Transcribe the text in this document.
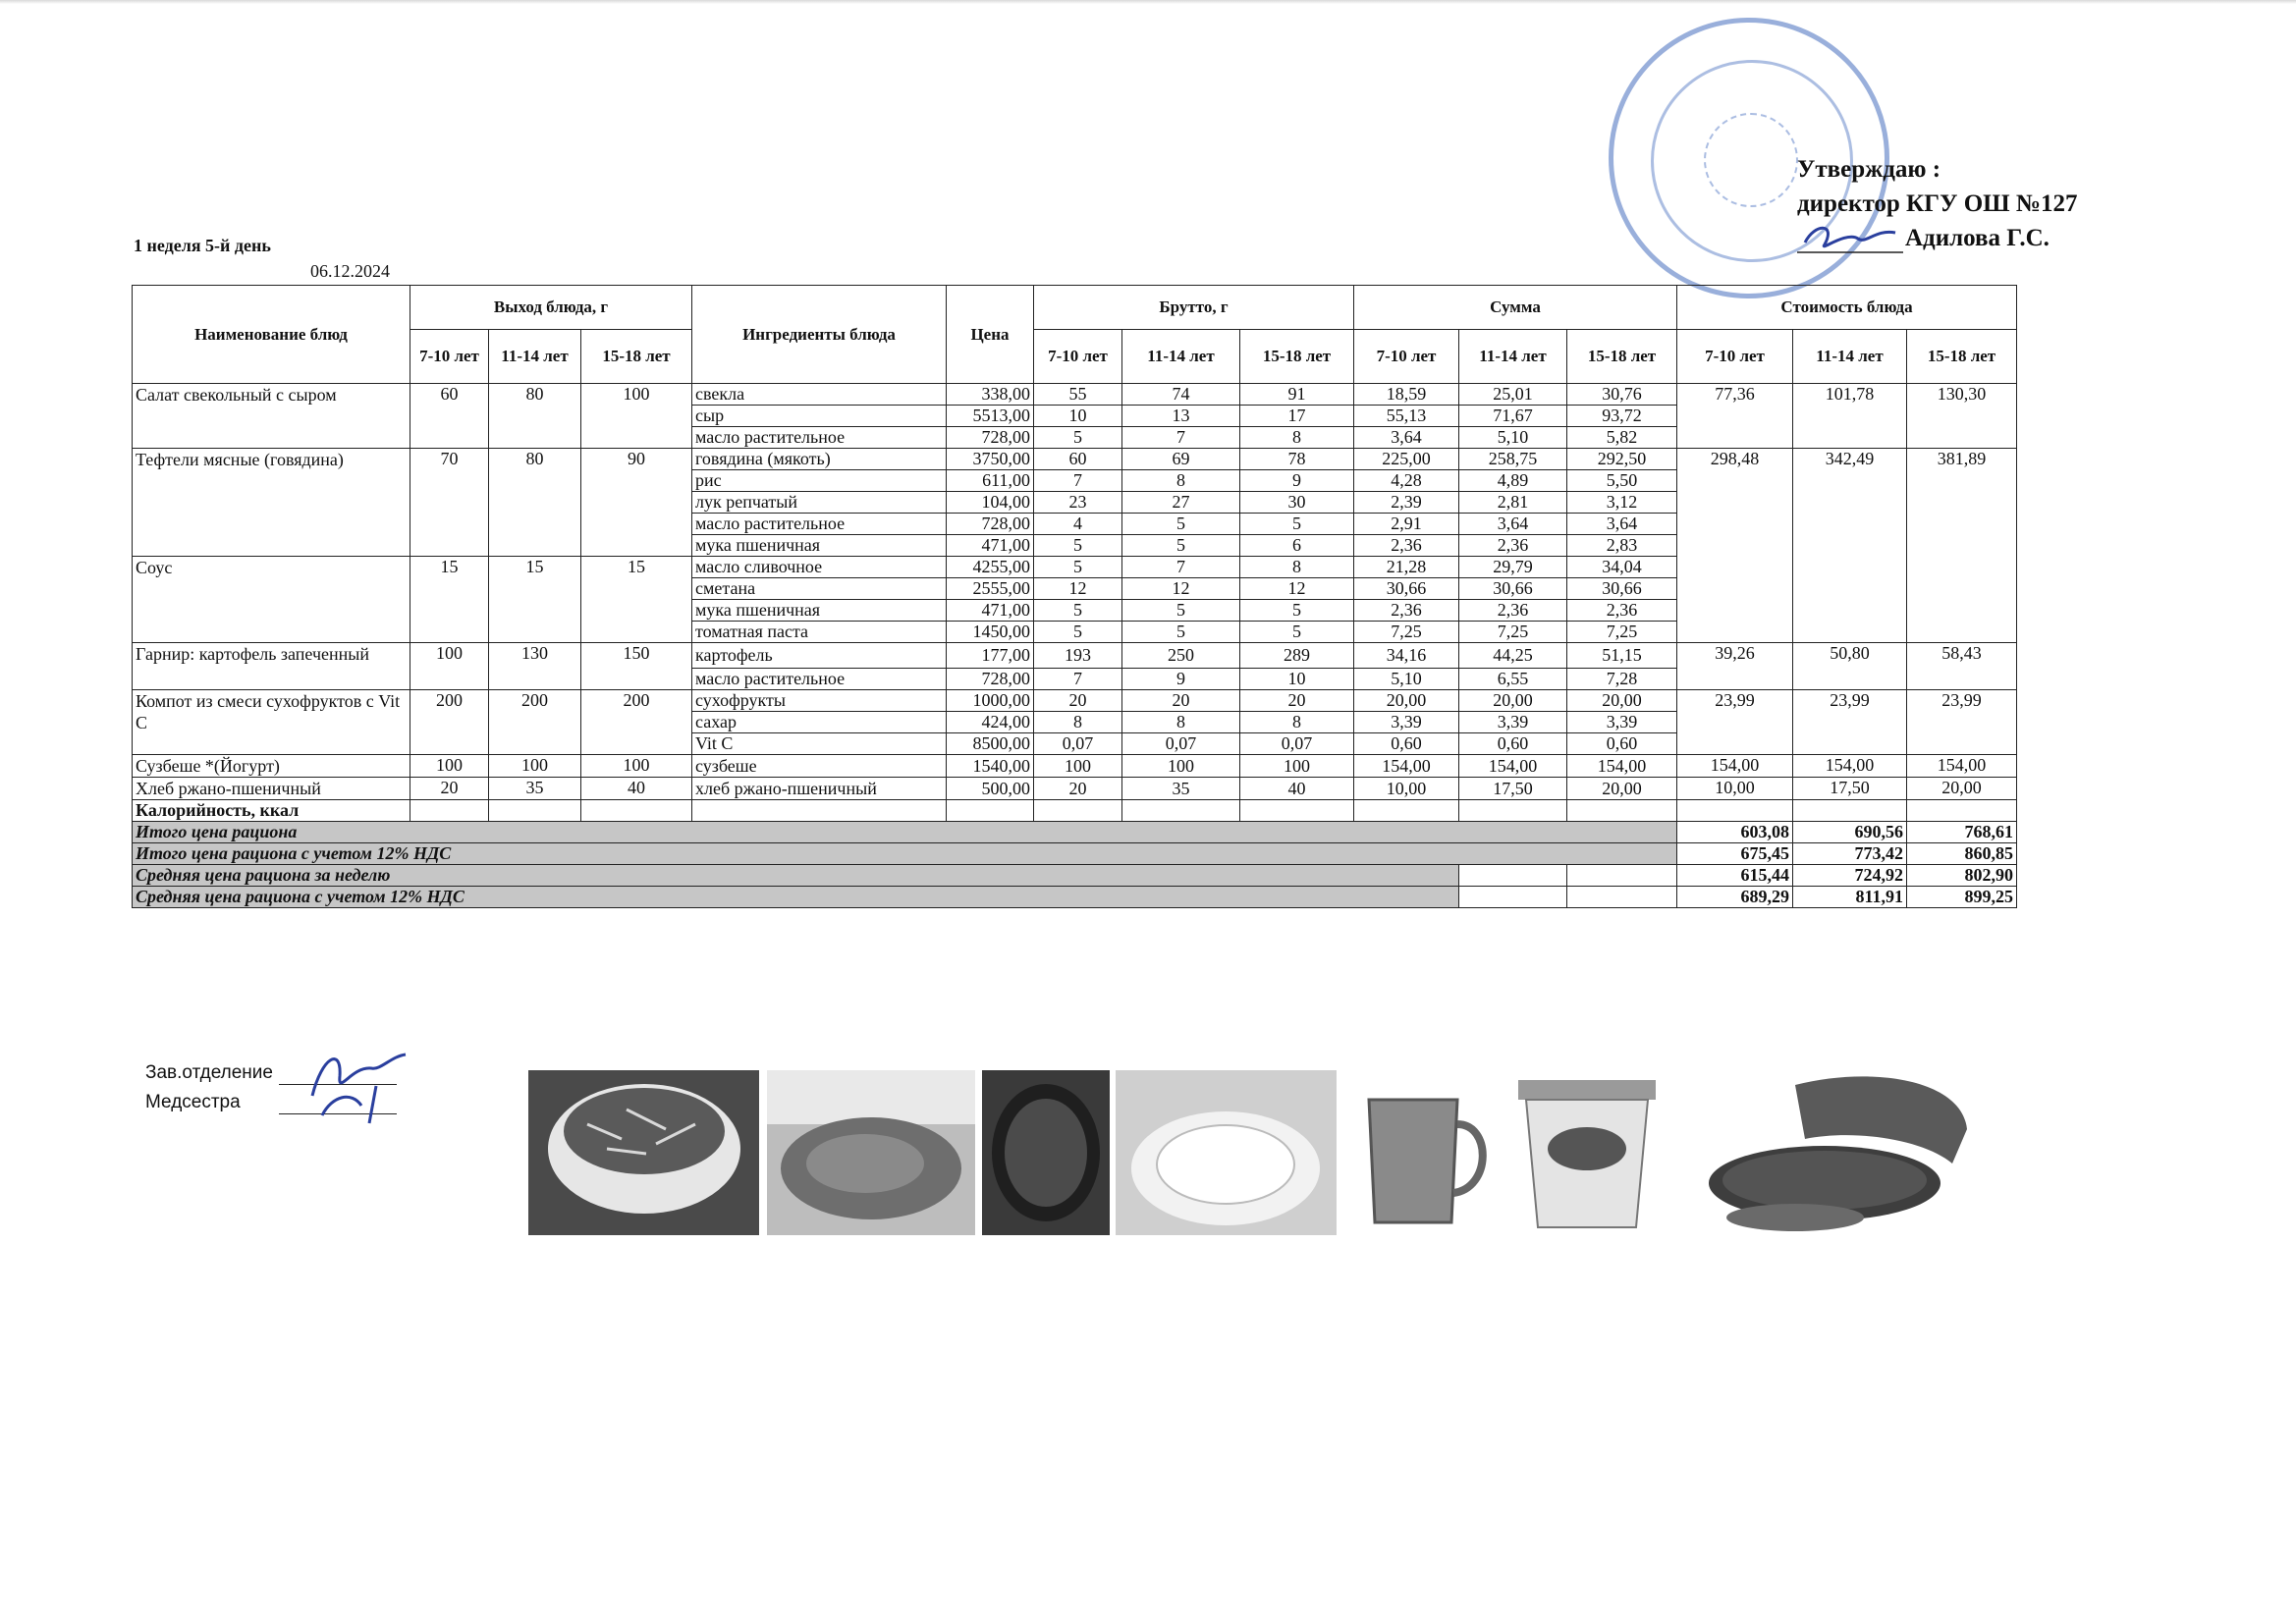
Утверждаю :
директор КГУ ОШ №127
Адилова Г.С.
1 неделя 5-й день
06.12.2024
Наименование блюд	Выход блюда, г			Ингредиенты блюда	Цена	Брутто, г			Сумма			Стоимость блюда		
	7-10 лет	11-14 лет	15-18 лет			7-10 лет	11-14 лет	15-18 лет	7-10 лет	11-14 лет	15-18 лет	7-10 лет	11-14 лет	15-18 лет
Салат свекольный с сыром	60	80	100	свекла	338,00	55	74	91	18,59	25,01	30,76	77,36	101,78	130,30
				сыр	5513,00	10	13	17	55,13	71,67	93,72			
				масло растительное	728,00	5	7	8	3,64	5,10	5,82			
Тефтели мясные (говядина)	70	80	90	говядина (мякоть)	3750,00	60	69	78	225,00	258,75	292,50	298,48	342,49	381,89
				рис	611,00	7	8	9	4,28	4,89	5,50			
				лук репчатый	104,00	23	27	30	2,39	2,81	3,12			
				масло растительное	728,00	4	5	5	2,91	3,64	3,64			
				мука пшеничная	471,00	5	5	6	2,36	2,36	2,83			
Соус	15	15	15	масло сливочное	4255,00	5	7	8	21,28	29,79	34,04			
				сметана	2555,00	12	12	12	30,66	30,66	30,66			
				мука пшеничная	471,00	5	5	5	2,36	2,36	2,36			
				томатная паста	1450,00	5	5	5	7,25	7,25	7,25			
Гарнир: картофель запеченный	100	130	150	картофель	177,00	193	250	289	34,16	44,25	51,15	39,26	50,80	58,43
				масло растительное	728,00	7	9	10	5,10	6,55	7,28			
Компот из смеси сухофруктов с Vit C	200	200	200	сухофрукты	1000,00	20	20	20	20,00	20,00	20,00	23,99	23,99	23,99
				сахар	424,00	8	8	8	3,39	3,39	3,39			
				Vit C	8500,00	0,07	0,07	0,07	0,60	0,60	0,60			
Сузбеше *(Йогурт)	100	100	100	сузбеше	1540,00	100	100	100	154,00	154,00	154,00	154,00	154,00	154,00
Хлеб ржано-пшеничный	20	35	40	хлеб ржано-пшеничный	500,00	20	35	40	10,00	17,50	20,00	10,00	17,50	20,00
Калорийность, ккал														
Итого цена рациона												603,08	690,56	768,61
Итого цена рациона с учетом 12% НДС												675,45	773,42	860,85
Средняя цена рациона за неделю												615,44	724,92	802,90
Средняя цена рациона с учетом 12% НДС												689,29	811,91	899,25
Зав.отделение
Медсестра
